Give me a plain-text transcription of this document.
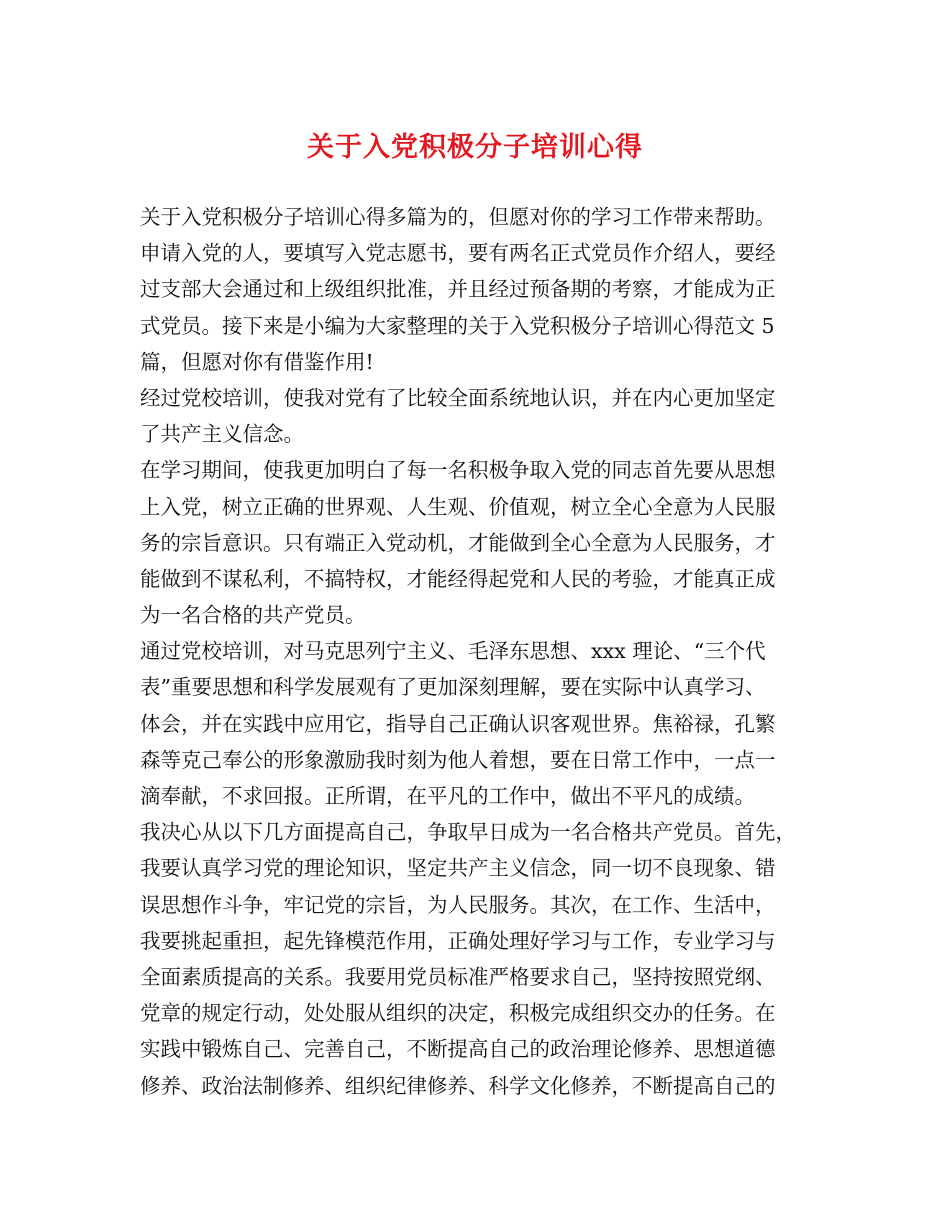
关于入党积极分子培训心得
关于入党积极分子培训心得多篇为的，但愿对你的学习工作带来帮助。
申请入党的人，要填写入党志愿书，要有两名正式党员作介绍人，要经
过支部大会通过和上级组织批准，并且经过预备期的考察，才能成为正
式党员。接下来是小编为大家整理的关于入党积极分子培训心得范文 5
篇，但愿对你有借鉴作用!
经过党校培训，使我对党有了比较全面系统地认识，并在内心更加坚定
了共产主义信念。
在学习期间，使我更加明白了每一名积极争取入党的同志首先要从思想
上入党，树立正确的世界观、人生观、价值观，树立全心全意为人民服
务的宗旨意识。只有端正入党动机，才能做到全心全意为人民服务，才
能做到不谋私利，不搞特权，才能经得起党和人民的考验，才能真正成
为一名合格的共产党员。
通过党校培训，对马克思列宁主义、毛泽东思想、xxx 理论、“三个代
表”重要思想和科学发展观有了更加深刻理解，要在实际中认真学习、
体会，并在实践中应用它，指导自己正确认识客观世界。焦裕禄，孔繁
森等克己奉公的形象激励我时刻为他人着想，要在日常工作中，一点一
滴奉献，不求回报。正所谓，在平凡的工作中，做出不平凡的成绩。
我决心从以下几方面提高自己，争取早日成为一名合格共产党员。首先，
我要认真学习党的理论知识，坚定共产主义信念，同一切不良现象、错
误思想作斗争，牢记党的宗旨，为人民服务。其次，在工作、生活中，
我要挑起重担，起先锋模范作用，正确处理好学习与工作，专业学习与
全面素质提高的关系。我要用党员标准严格要求自己，坚持按照党纲、
党章的规定行动，处处服从组织的决定，积极完成组织交办的任务。在
实践中锻炼自己、完善自己，不断提高自己的政治理论修养、思想道德
修养、政治法制修养、组织纪律修养、科学文化修养，不断提高自己的
